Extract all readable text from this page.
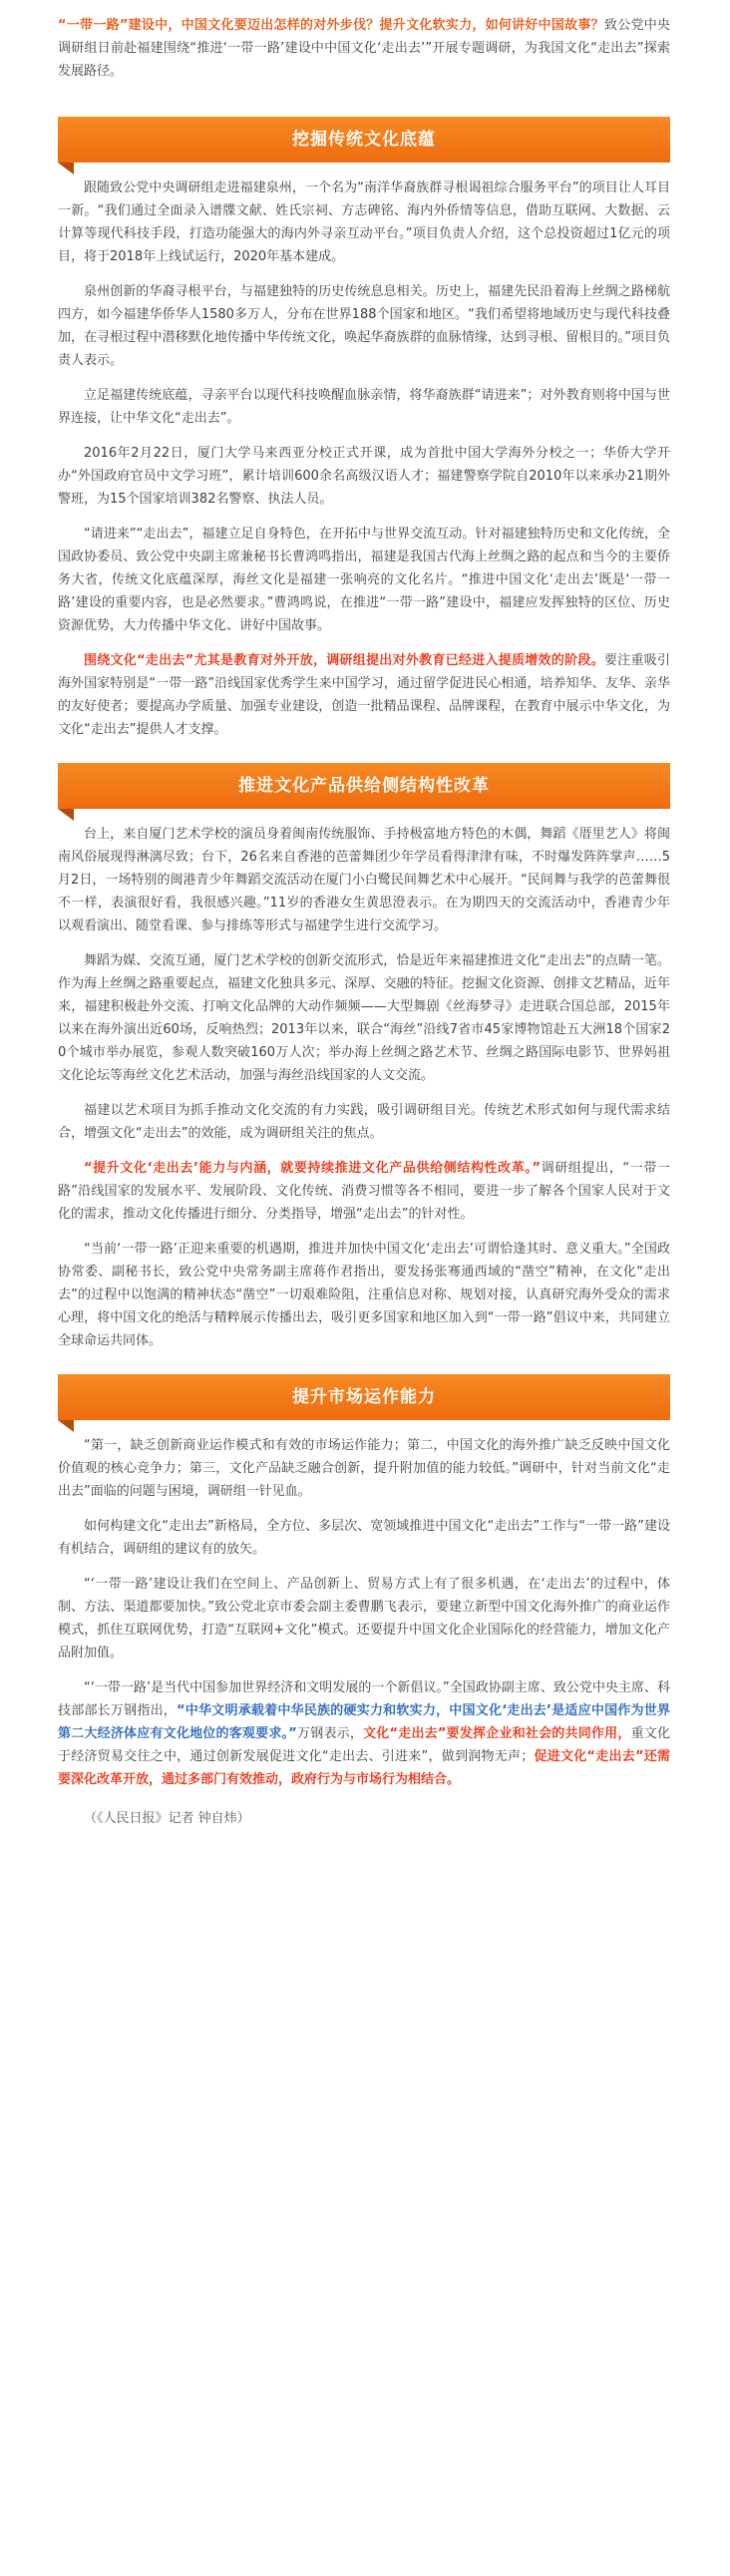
“一带一路”建设中，中国文化要迈出怎样的对外步伐？提升文化软实力，如何讲好中国故事？致公党中央调研组日前赴福建围绕“推进‘一带一路’建设中中国文化‘走出去’”开展专题调研，为我国文化“走出去”探索发展路径。

挖掘传统文化底蕴

跟随致公党中央调研组走进福建泉州，一个名为“南洋华裔族群寻根谒祖综合服务平台”的项目让人耳目一新。“我们通过全面录入谱牒文献、姓氏宗祠、方志碑铭、海内外侨情等信息，借助互联网、大数据、云计算等现代科技手段，打造功能强大的海内外寻亲互动平台。”项目负责人介绍，这个总投资超过1亿元的项目，将于2018年上线试运行，2020年基本建成。

泉州创新的华裔寻根平台，与福建独特的历史传统息息相关。历史上，福建先民沿着海上丝绸之路梯航四方，如今福建华侨华人1580多万人，分布在世界188个国家和地区。“我们希望将地域历史与现代科技叠加，在寻根过程中潜移默化地传播中华传统文化，唤起华裔族群的血脉情缘，达到寻根、留根目的。”项目负责人表示。

立足福建传统底蕴，寻亲平台以现代科技唤醒血脉亲情，将华裔族群“请进来”；对外教育则将中国与世界连接，让中华文化“走出去”。

2016年2月22日，厦门大学马来西亚分校正式开课，成为首批中国大学海外分校之一；华侨大学开办“外国政府官员中文学习班”，累计培训600余名高级汉语人才；福建警察学院自2010年以来承办21期外警班，为15个国家培训382名警察、执法人员。

“请进来”“走出去”，福建立足自身特色，在开拓中与世界交流互动。针对福建独特历史和文化传统，全国政协委员、致公党中央副主席兼秘书长曹鸿鸣指出，福建是我国古代海上丝绸之路的起点和当今的主要侨务大省，传统文化底蕴深厚，海丝文化是福建一张响亮的文化名片。“推进中国文化‘走出去’既是‘一带一路’建设的重要内容，也是必然要求。”曹鸿鸣说，在推进“一带一路”建设中，福建应发挥独特的区位、历史资源优势，大力传播中华文化、讲好中国故事。

围绕文化“走出去”尤其是教育对外开放，调研组提出对外教育已经进入提质增效的阶段。要注重吸引海外国家特别是“一带一路”沿线国家优秀学生来中国学习，通过留学促进民心相通，培养知华、友华、亲华的友好使者；要提高办学质量、加强专业建设，创造一批精品课程、品牌课程，在教育中展示中华文化，为文化“走出去”提供人才支撑。

推进文化产品供给侧结构性改革

台上，来自厦门艺术学校的演员身着闽南传统服饰、手持极富地方特色的木偶，舞蹈《厝里艺人》将闽南风俗展现得淋漓尽致；台下，26名来自香港的芭蕾舞团少年学员看得津津有味，不时爆发阵阵掌声……5月2日，一场特别的闽港青少年舞蹈交流活动在厦门小白鹭民间舞艺术中心展开。“民间舞与我学的芭蕾舞很不一样，表演很好看，我很感兴趣。”11岁的香港女生黄思澄表示。在为期四天的交流活动中，香港青少年以观看演出、随堂看课、参与排练等形式与福建学生进行交流学习。

舞蹈为媒、交流互通，厦门艺术学校的创新交流形式，恰是近年来福建推进文化“走出去”的点睛一笔。作为海上丝绸之路重要起点，福建文化独具多元、深厚、交融的特征。挖掘文化资源、创排文艺精品，近年来，福建积极赴外交流、打响文化品牌的大动作频频——大型舞剧《丝海梦寻》走进联合国总部，2015年以来在海外演出近60场，反响热烈；2013年以来，联合“海丝”沿线7省市45家博物馆赴五大洲18个国家20个城市举办展览，参观人数突破160万人次；举办海上丝绸之路艺术节、丝绸之路国际电影节、世界妈祖文化论坛等海丝文化艺术活动，加强与海丝沿线国家的人文交流。

福建以艺术项目为抓手推动文化交流的有力实践，吸引调研组目光。传统艺术形式如何与现代需求结合，增强文化“走出去”的效能，成为调研组关注的焦点。

“提升文化‘走出去’能力与内涵，就要持续推进文化产品供给侧结构性改革。”调研组提出，“一带一路”沿线国家的发展水平、发展阶段、文化传统、消费习惯等各不相同，要进一步了解各个国家人民对于文化的需求，推动文化传播进行细分、分类指导，增强“走出去”的针对性。

“当前‘一带一路’正迎来重要的机遇期，推进并加快中国文化‘走出去’可谓恰逢其时、意义重大。”全国政协常委、副秘书长，致公党中央常务副主席蒋作君指出，要发扬张骞通西域的“凿空”精神，在文化“走出去”的过程中以饱满的精神状态“凿空”一切艰难险阻，注重信息对称、规划对接，认真研究海外受众的需求心理，将中国文化的绝活与精粹展示传播出去，吸引更多国家和地区加入到“一带一路”倡议中来，共同建立全球命运共同体。

提升市场运作能力

“第一，缺乏创新商业运作模式和有效的市场运作能力；第二，中国文化的海外推广缺乏反映中国文化价值观的核心竞争力；第三，文化产品缺乏融合创新，提升附加值的能力较低。”调研中，针对当前文化“走出去”面临的问题与困境，调研组一针见血。

如何构建文化“走出去”新格局，全方位、多层次、宽领域推进中国文化“走出去”工作与“一带一路”建设有机结合，调研组的建议有的放矢。

“‘一带一路’建设让我们在空间上、产品创新上、贸易方式上有了很多机遇，在‘走出去’的过程中，体制、方法、渠道都要加快。”致公党北京市委会副主委曹鹏飞表示，要建立新型中国文化海外推广的商业运作模式，抓住互联网优势，打造“互联网+文化”模式。还要提升中国文化企业国际化的经营能力，增加文化产品附加值。

“‘一带一路’是当代中国参加世界经济和文明发展的一个新倡议。”全国政协副主席、致公党中央主席、科技部部长万钢指出，“中华文明承载着中华民族的硬实力和软实力，中国文化‘走出去’是适应中国作为世界第二大经济体应有文化地位的客观要求。”万钢表示，文化“走出去”要发挥企业和社会的共同作用，重文化于经济贸易交往之中，通过创新发展促进文化“走出去、引进来”，做到润物无声；促进文化“走出去”还需要深化改革开放，通过多部门有效推动，政府行为与市场行为相结合。

（《人民日报》记者 钟自炜）
